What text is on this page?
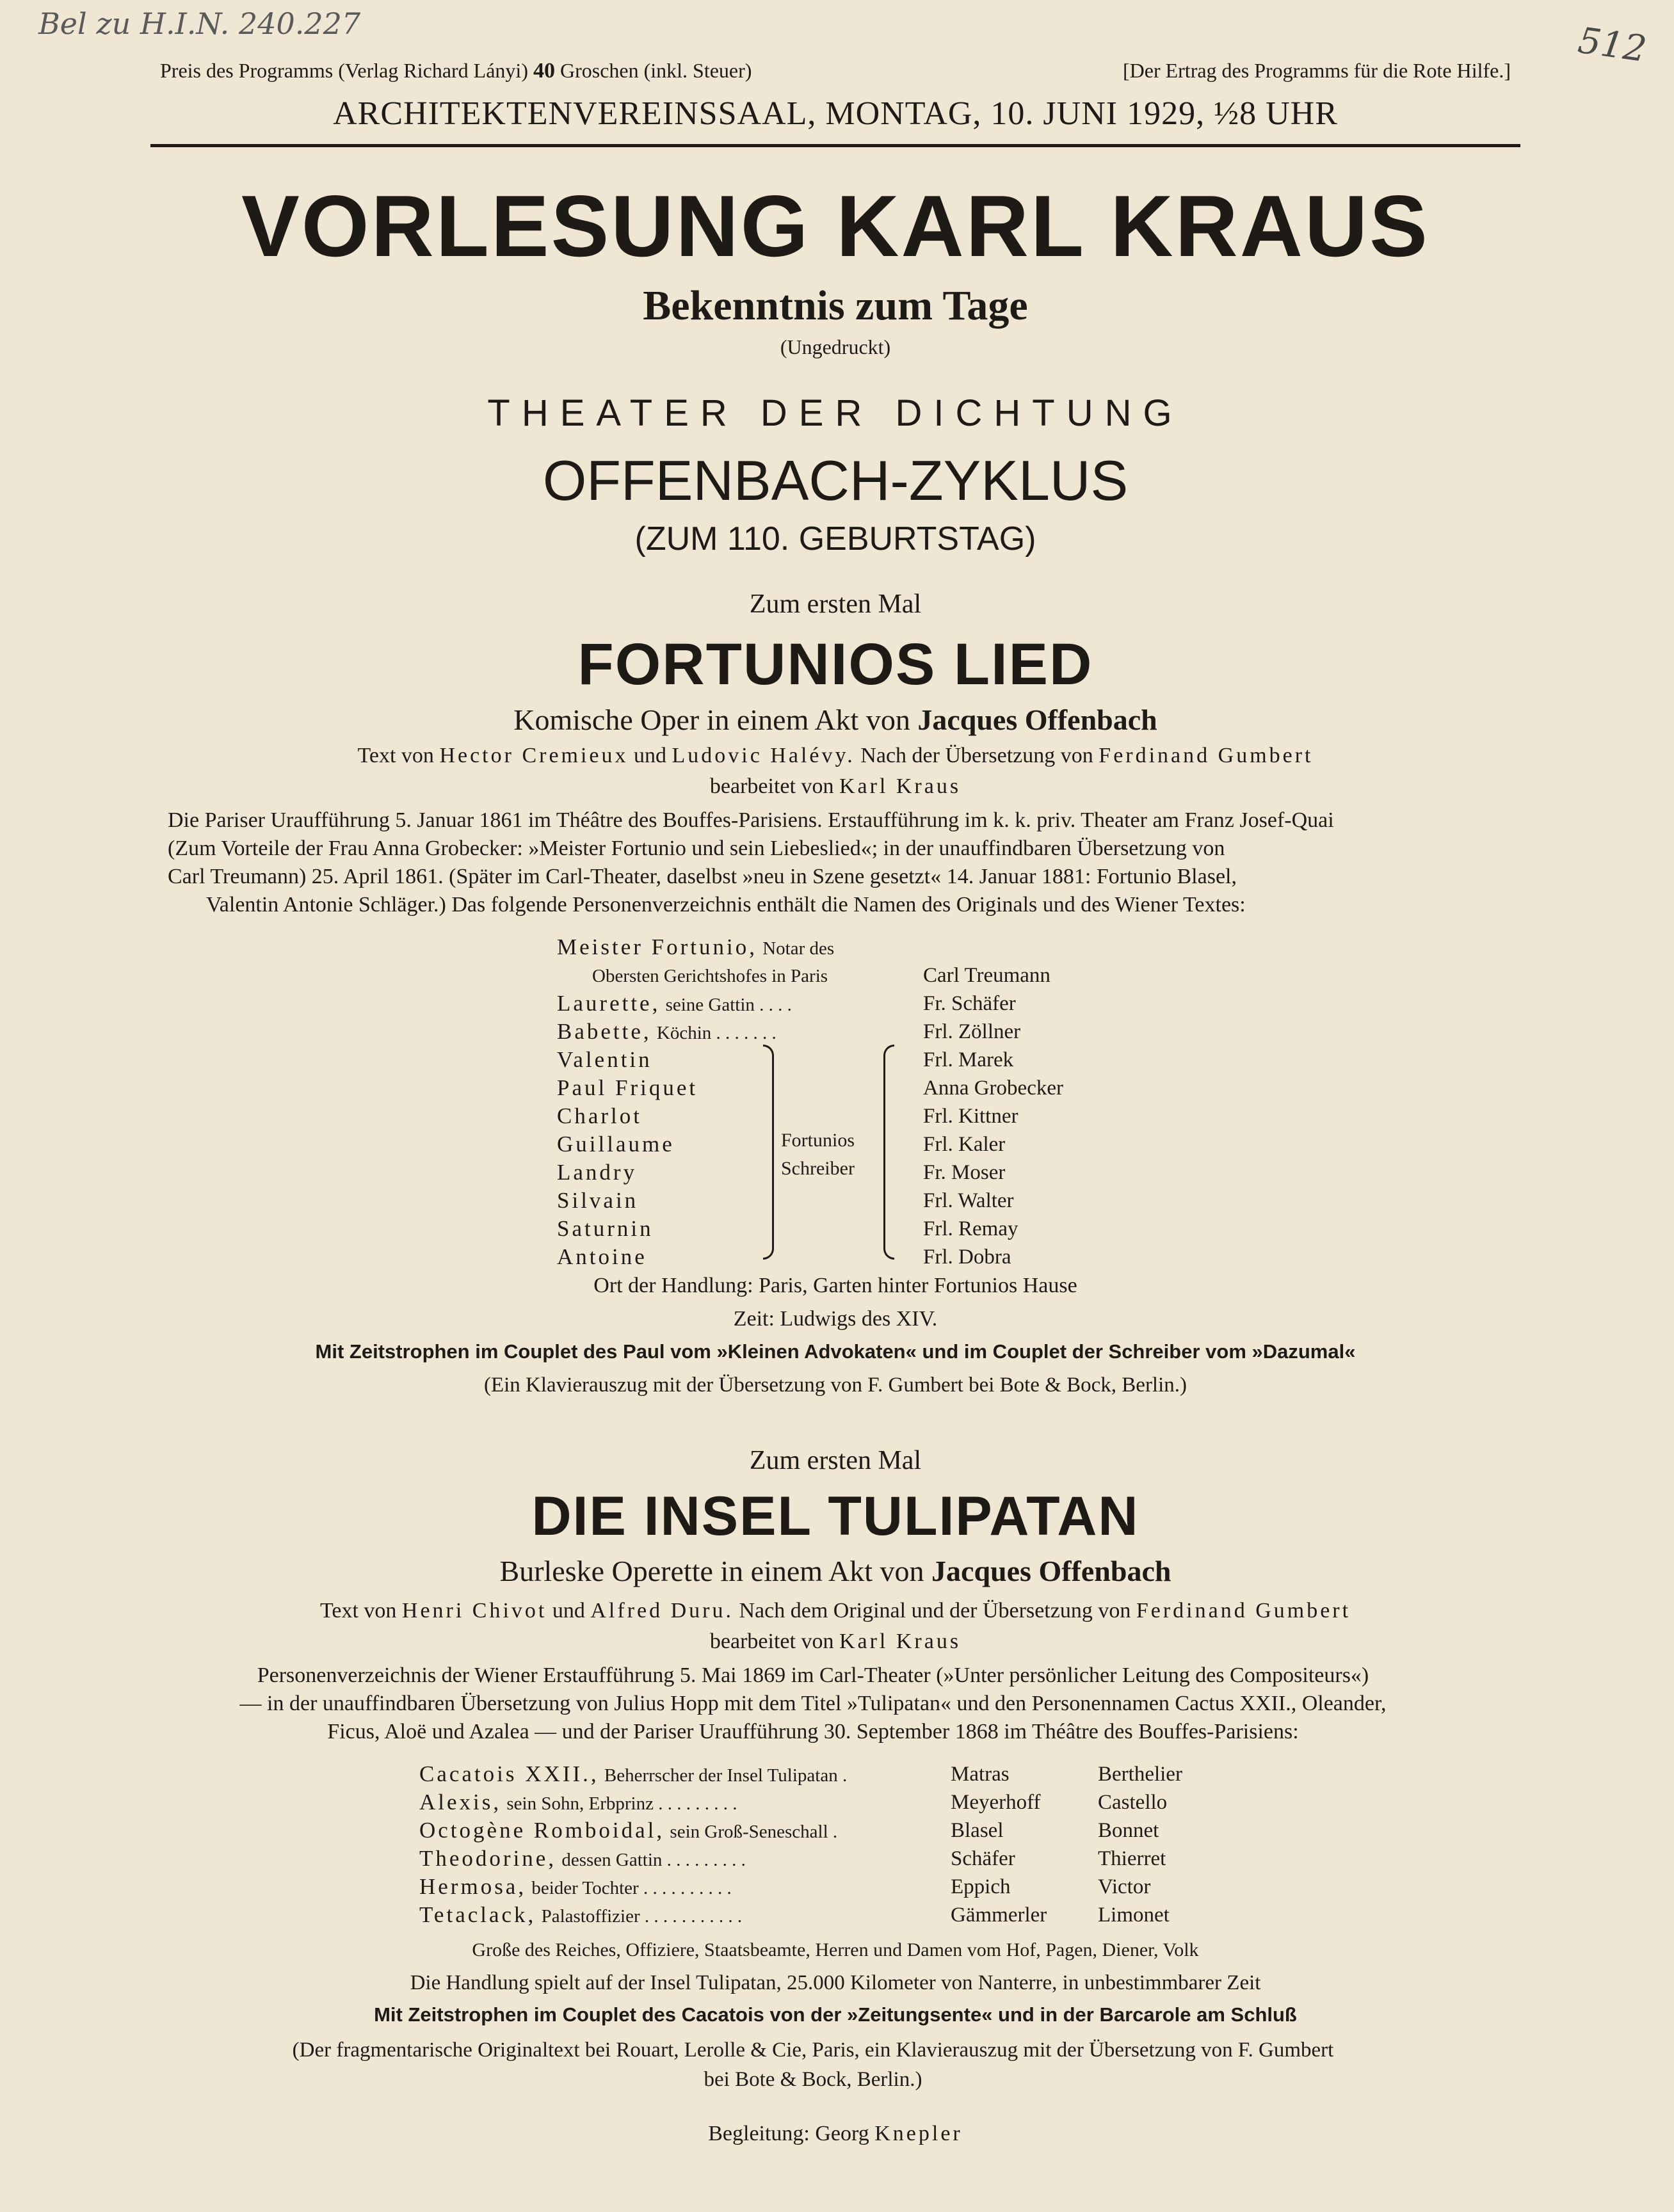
Bel zu H.I.N. 240.227	512
Preis des Programms (Verlag Richard Lányi) 40 Groschen (inkl. Steuer)	[Der Ertrag des Programms für die Rote Hilfe.]
ARCHITEKTENVEREINSSAAL, MONTAG, 10. JUNI 1929, ½8 UHR
VORLESUNG KARL KRAUS
Bekenntnis zum Tage
(Ungedruckt)
THEATER DER DICHTUNG
OFFENBACH-ZYKLUS
(ZUM 110. GEBURTSTAG)
Zum ersten Mal
FORTUNIOS LIED
Komische Oper in einem Akt von Jacques Offenbach
Text von Hector Cremieux und Ludovic Halévy. Nach der Übersetzung von Ferdinand Gumbert
bearbeitet von Karl Kraus
Die Pariser Uraufführung 5. Januar 1861 im Théâtre des Bouffes-Parisiens. Erstaufführung im k. k. priv. Theater am Franz Josef-Quai
(Zum Vorteile der Frau Anna Grobecker: »Meister Fortunio und sein Liebeslied«; in der unauffindbaren Übersetzung von
Carl Treumann) 25. April 1861. (Später im Carl-Theater, daselbst »neu in Szene gesetzt« 14. Januar 1881: Fortunio Blasel,
Valentin Antonie Schläger.) Das folgende Personenverzeichnis enthält die Namen des Originals und des Wiener Textes:
Meister Fortunio, Notar des
Obersten Gerichtshofes in Paris
Laurette, seine Gattin . . . .
Babette, Köchin . . . . . . .
Valentin
Paul Friquet
Charlot
Guillaume
Landry
Silvain
Saturnin
Antoine
Fortunios
Schreiber
Carl Treumann
Fr. Schäfer
Frl. Zöllner
Frl. Marek
Anna Grobecker
Frl. Kittner
Frl. Kaler
Fr. Moser
Frl. Walter
Frl. Remay
Frl. Dobra
Ort der Handlung: Paris, Garten hinter Fortunios Hause
Zeit: Ludwigs des XIV.
Mit Zeitstrophen im Couplet des Paul vom »Kleinen Advokaten« und im Couplet der Schreiber vom »Dazumal«
(Ein Klavierauszug mit der Übersetzung von F. Gumbert bei Bote & Bock, Berlin.)
Zum ersten Mal
DIE INSEL TULIPATAN
Burleske Operette in einem Akt von Jacques Offenbach
Text von Henri Chivot und Alfred Duru. Nach dem Original und der Übersetzung von Ferdinand Gumbert
bearbeitet von Karl Kraus
Personenverzeichnis der Wiener Erstaufführung 5. Mai 1869 im Carl-Theater (»Unter persönlicher Leitung des Compositeurs«)
— in der unauffindbaren Übersetzung von Julius Hopp mit dem Titel »Tulipatan« und den Personennamen Cactus XXII., Oleander,
Ficus, Aloë und Azalea — und der Pariser Uraufführung 30. September 1868 im Théâtre des Bouffes-Parisiens:
Cacatois XXII., Beherrscher der Insel Tulipatan .
Alexis, sein Sohn, Erbprinz . . . . . . . . .
Octogène Romboidal, sein Groß-Seneschall .
Theodorine, dessen Gattin . . . . . . . . .
Hermosa, beider Tochter . . . . . . . . . .
Tetaclack, Palastoffizier . . . . . . . . . . .
Matras
Meyerhoff
Blasel
Schäfer
Eppich
Gämmerler
Berthelier
Castello
Bonnet
Thierret
Victor
Limonet
Große des Reiches, Offiziere, Staatsbeamte, Herren und Damen vom Hof, Pagen, Diener, Volk
Die Handlung spielt auf der Insel Tulipatan, 25.000 Kilometer von Nanterre, in unbestimmbarer Zeit
Mit Zeitstrophen im Couplet des Cacatois von der »Zeitungsente« und in der Barcarole am Schluß
(Der fragmentarische Originaltext bei Rouart, Lerolle & Cie, Paris, ein Klavierauszug mit der Übersetzung von F. Gumbert
bei Bote & Bock, Berlin.)
Begleitung: Georg Knepler
